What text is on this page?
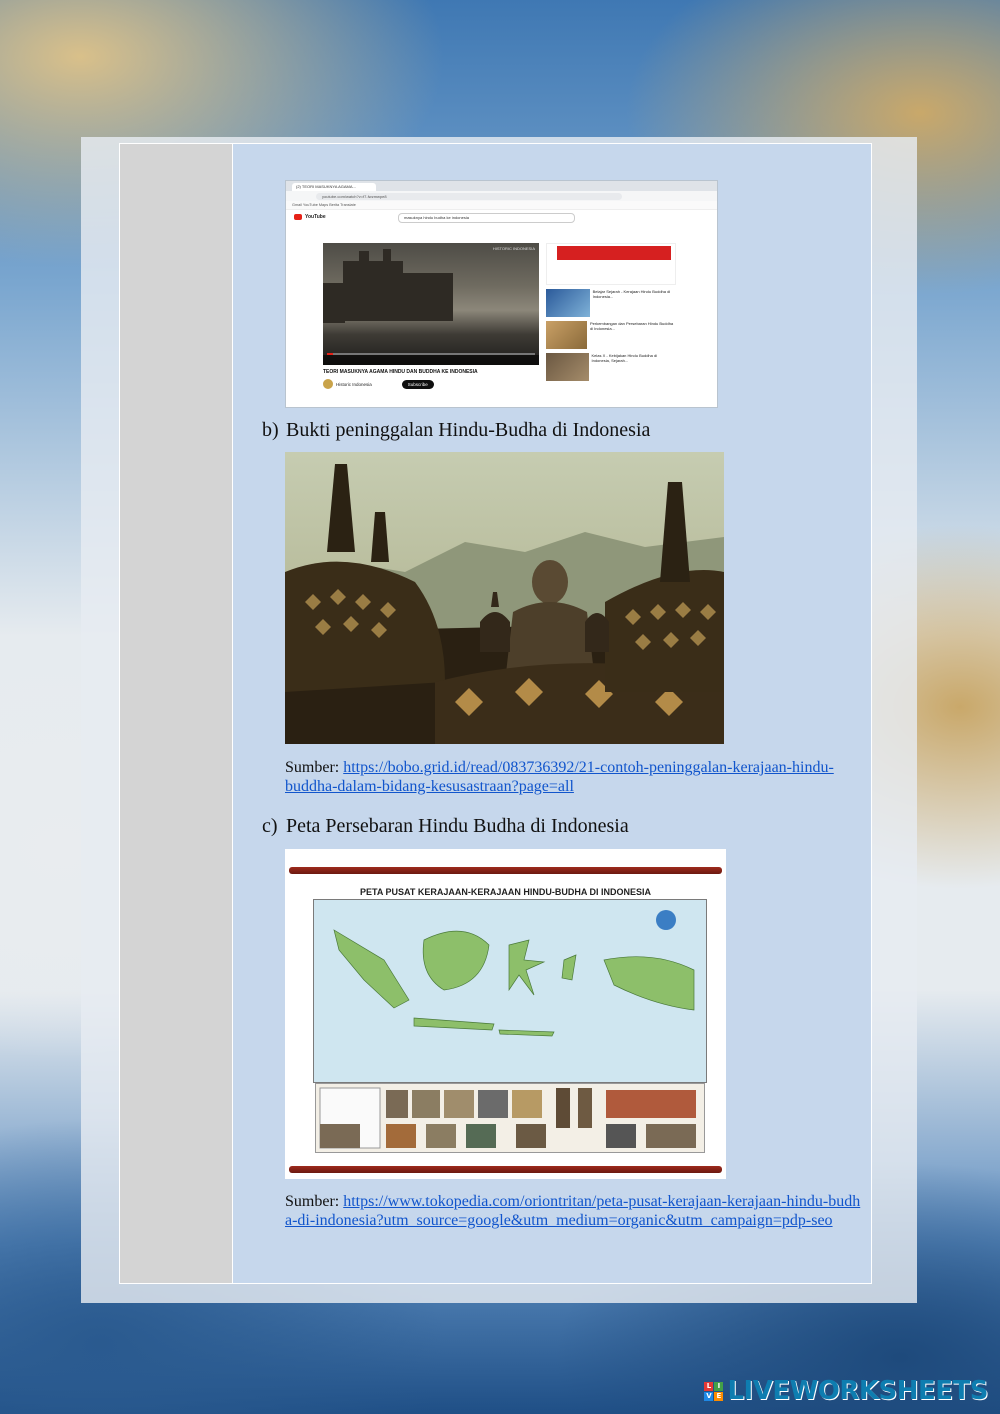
(2) TEORI MASUKNYA AGAMA...
youtube.com/watch?v=f7-fwzmwpe8
Gmail YouTube Maps Berita Translate
YouTube	masuknya hindu budha ke indonesia
HISTORIC INDONESIA
TEORI MASUKNYA AGAMA HINDU DAN BUDDHA KE INDONESIA
Historic Indonesia	Subscribe
Belajar Sejarah - Kerajaan Hindu Buddha di Indonesia...
Perkembangan dan Persebaran Hindu Buddha di Indonesia...
Kelas X - Kebijakan Hindu Buddha di Indonesia, Sejarah...
b) Bukti peninggalan Hindu-Budha di Indonesia
Sumber: https://bobo.grid.id/read/083736392/21-contoh-peninggalan-kerajaan-hindu-buddha-dalam-bidang-kesusastraan?page=all
c) Peta Persebaran Hindu Budha di Indonesia
PETA PUSAT KERAJAAN-KERAJAAN HINDU-BUDHA DI INDONESIA
Sumber: https://www.tokopedia.com/oriontritan/peta-pusat-kerajaan-kerajaan-hindu-budha-di-indonesia?utm_source=google&utm_medium=organic&utm_campaign=pdp-seo
L I
V E LIVEWORKSHEETS
